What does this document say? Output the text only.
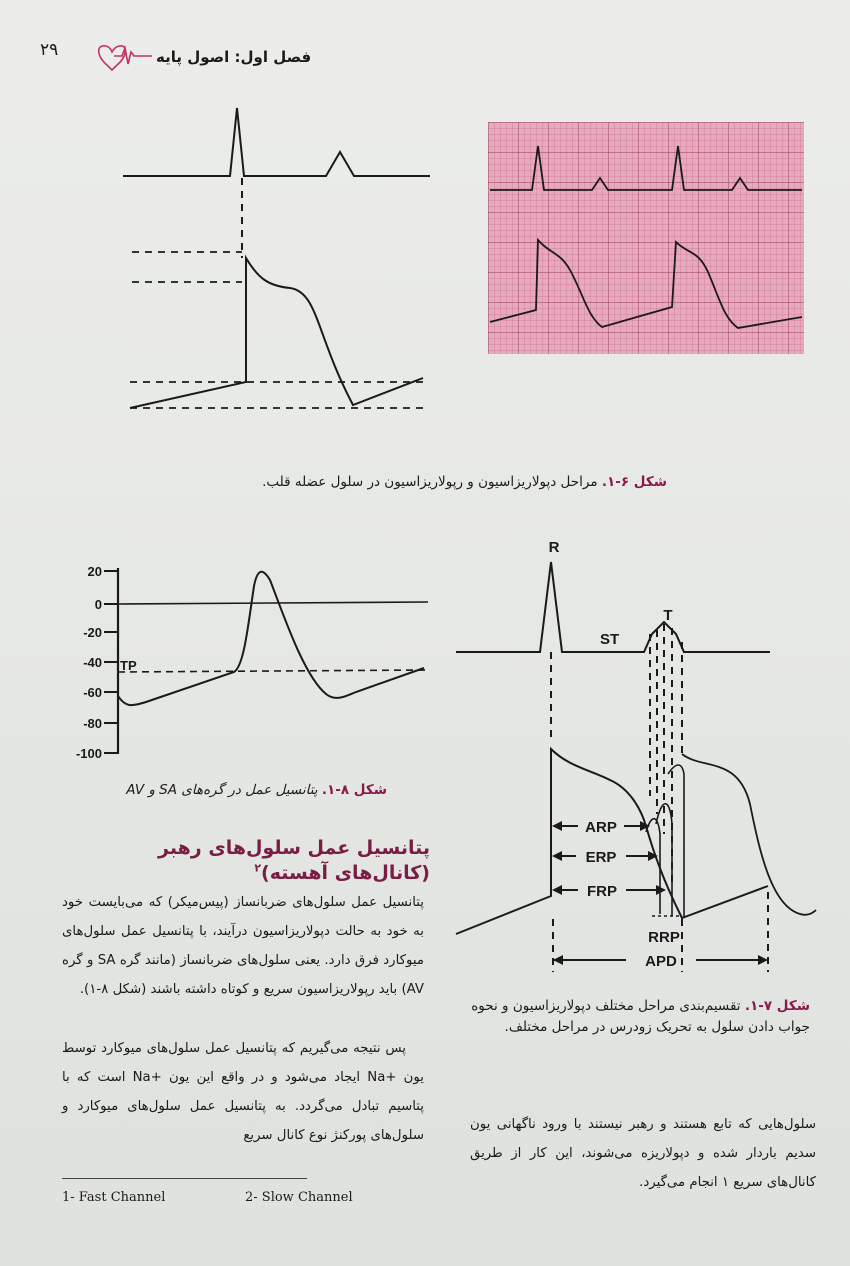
۲۹	فصل اول: اصول پایه
شکل ۶-۱. مراحل دپولاریزاسیون و رپولاریزاسیون در سلول عضله قلب.
20
0
-20
-40
-60
-80
-100
TP
شکل ۸-۱. پتانسیل عمل در گره‌های SA و AV
R
T
ST
ARP
ERP
FRP
RRP
APD
شکل ۷-۱. تقسیم‌بندی مراحل مختلف دپولاریزاسیون و نحوه
جواب دادن سلول به تحریک زودرس در مراحل مختلف.
پتانسیل عمل سلول‌های رهبر
(کانال‌های آهسته)$^۲$
پتانسیل عمل سلول‌های ضربانساز (پیس‌میکر) که می‌بایست خود به خود به حالت دپولاریزاسیون درآیند، با پتانسیل عمل سلول‌های میوکارد فرق دارد. یعنی سلول‌های ضربانساز (مانند گره SA و گره AV) باید رپولاریزاسیون سریع و کوتاه داشته باشند (شکل ۸-۱).
پس نتیجه می‌گیریم که پتانسیل عمل سلول‌های میوکارد توسط یون +Na ایجاد می‌شود و در واقع این یون +Na است که با پتاسیم تبادل می‌گردد. به پتانسیل عمل سلول‌های میوکارد و سلول‌های پورکنژ نوع کانال سریع
سلول‌هایی که تابع هستند و رهبر نیستند با ورود ناگهانی یون سدیم باردار شده و دپولاریزه می‌شوند، این کار از طریق کانال‌های سریع ۱ انجام می‌گیرد.
1- Fast Channel	2- Slow Channel
